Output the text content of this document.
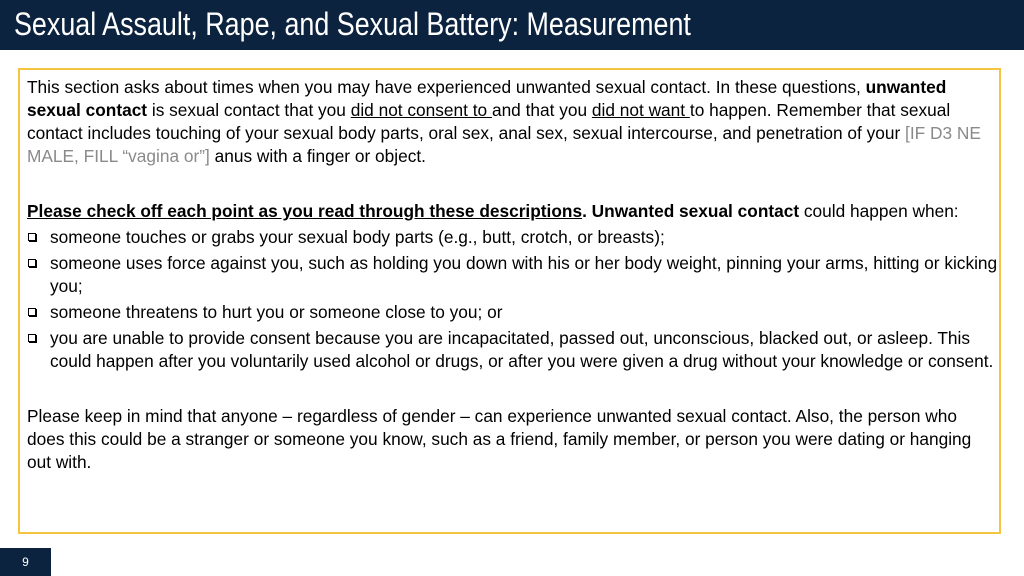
Sexual Assault, Rape, and Sexual Battery: Measurement

This section asks about times when you may have experienced unwanted sexual contact. In these questions, unwanted sexual contact is sexual contact that you did not consent to and that you did not want to happen. Remember that sexual contact includes touching of your sexual body parts, oral sex, anal sex, sexual intercourse, and penetration of your [IF D3 NE MALE, FILL “vagina or”] anus with a finger or object.

Please check off each point as you read through these descriptions. Unwanted sexual contact could happen when:

someone touches or grabs your sexual body parts (e.g., butt, crotch, or breasts);
someone uses force against you, such as holding you down with his or her body weight, pinning your arms, hitting or kicking you;
someone threatens to hurt you or someone close to you; or
you are unable to provide consent because you are incapacitated, passed out, unconscious, blacked out, or asleep. This could happen after you voluntarily used alcohol or drugs, or after you were given a drug without your knowledge or consent.

Please keep in mind that anyone – regardless of gender – can experience unwanted sexual contact. Also, the person who does this could be a stranger or someone you know, such as a friend, family member, or person you were dating or hanging out with.

9
